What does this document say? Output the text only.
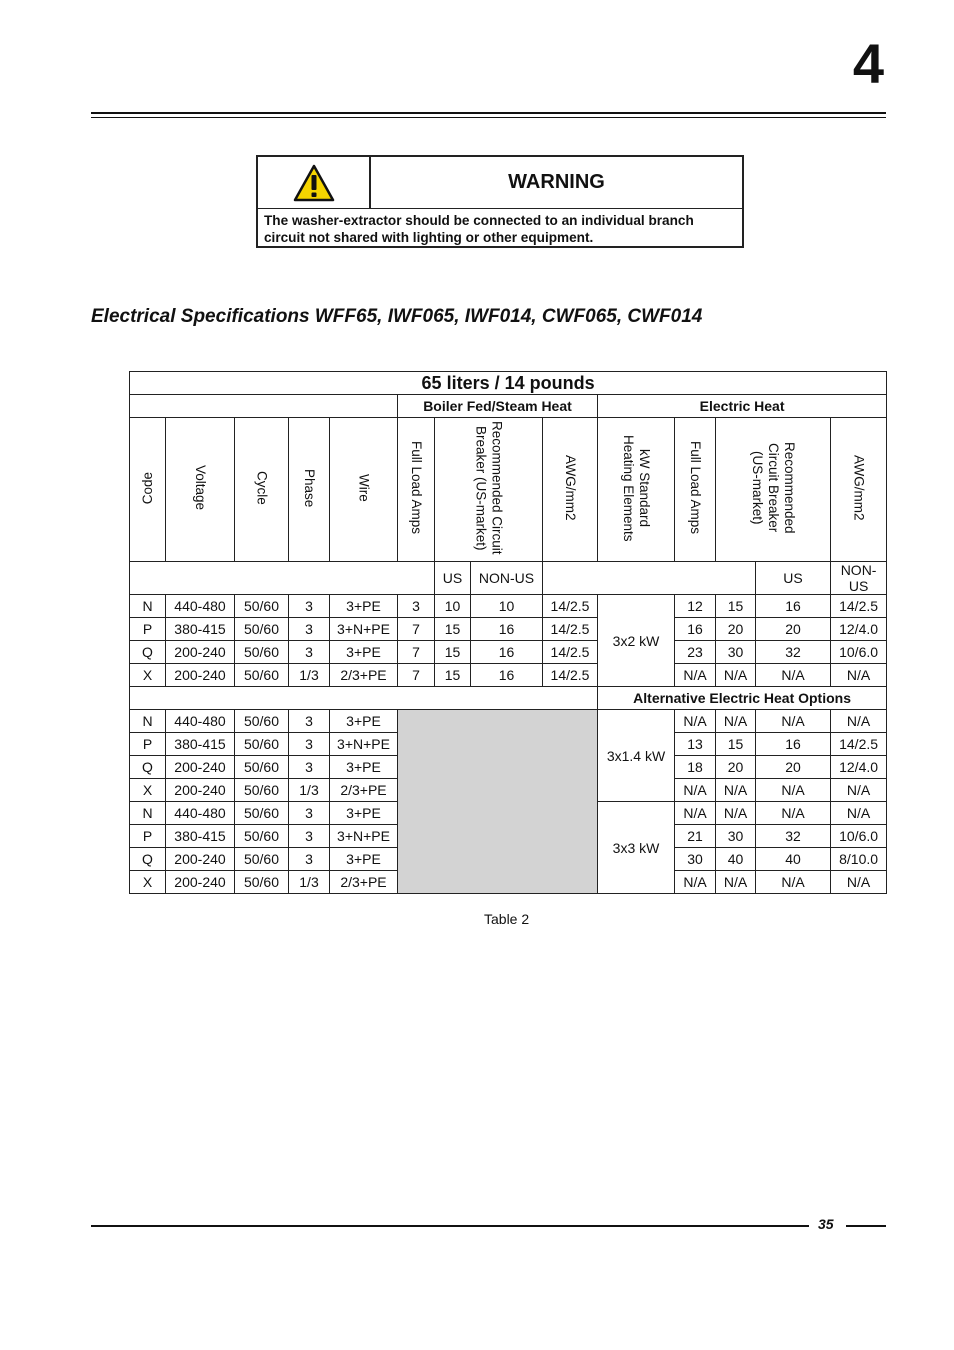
4
WARNING
The washer-extractor should be connected to an individual branch circuit not shared with lighting or other equipment.
Electrical Specifications WFF65, IWF065, IWF014, CWF065, CWF014
65 liters / 14 pounds														
					Boiler Fed/Steam Heat				Electric Heat					
Code	Voltage	Cycle	Phase	Wire	Full Load Amps	Recommended Circuit Breaker (US-market)		AWG/mm2	kW Standard Heating Elements	Full Load Amps	Recommended Circuit Breaker (US-market)		AWG/mm2	
						US	NON-US					US	NON-US	
N	440-480	50/60	3	3+PE	3	10	10	14/2.5	3x2 kW	12	15	16	14/2.5	
P	380-415	50/60	3	3+N+PE	7	15	16	14/2.5		16	20	20	12/4.0	
Q	200-240	50/60	3	3+PE	7	15	16	14/2.5		23	30	32	10/6.0	
X	200-240	50/60	1/3	2/3+PE	7	15	16	14/2.5		N/A	N/A	N/A	N/A	
									Alternative Electric Heat Options					
N	440-480	50/60	3	3+PE					3x1.4 kW	N/A	N/A	N/A	N/A	
P	380-415	50/60	3	3+N+PE						13	15	16	14/2.5	
Q	200-240	50/60	3	3+PE						18	20	20	12/4.0	
X	200-240	50/60	1/3	2/3+PE						N/A	N/A	N/A	N/A	
N	440-480	50/60	3	3+PE					3x3 kW	N/A	N/A	N/A	N/A	
P	380-415	50/60	3	3+N+PE						21	30	32	10/6.0	
Q	200-240	50/60	3	3+PE						30	40	40	8/10.0	
X	200-240	50/60	1/3	2/3+PE						N/A	N/A	N/A	N/A	
Table 2
35
